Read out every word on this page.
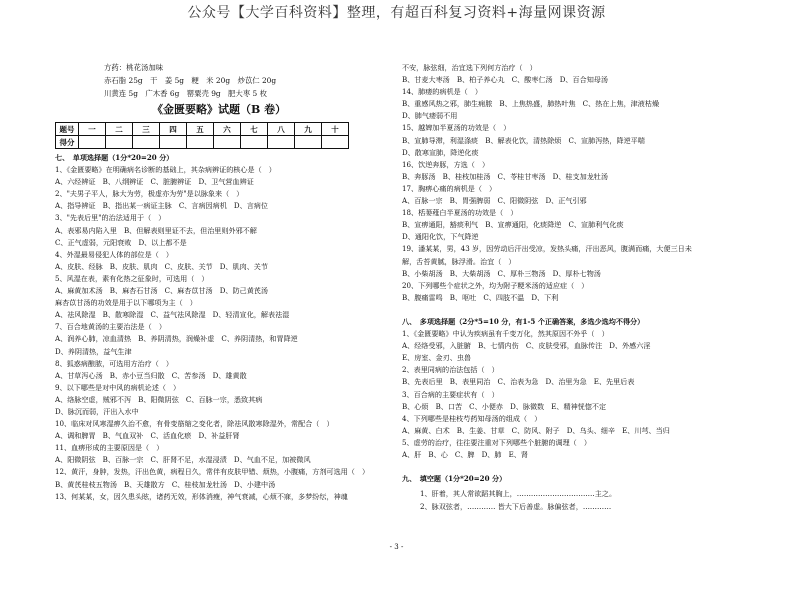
公众号【大学百科资料】整理，有超百科复习资料+海量网课资源
方药：桃花汤加味
赤石脂 25g　干　姜 5g　粳　米 20g　炒苡仁 20g
川黄连 5g　广木香 6g　罂粟壳 9g　肥大枣 5 枚
《金匮要略》试题（B 卷）
题号	一	二	三	四	五	六	七	八	九	十
得分										
七、　单项选择题（1分*20=20 分）
1、《金匮要略》在明确病名诊断的基础上，其杂病辨证的核心是（　）
A、六经辨证　B、八纲辨证　C、脏腑辨证　D、卫气营血辨证
2、"夫男子平人，脉大为劳，极虚亦为劳"是以脉象来（　）
A、指导辨证　B、指出某一病证主脉　C、言病因病机　D、言病位
3、"先表后里"的治法适用于（　）
A、表邪易内陷入里　B、但解表则里证不去，但治里则外邪不解
C、正气虚弱，元阳衰败　D、以上都不是
4、外湿最易侵犯人体的部位是（　）
A、皮肤、经脉　B、皮肤、肌肉　C、皮肤、关节　D、肌肉、关节
5、风湿在表，素有化热之征象时，可选用（　）
A、麻黄加术汤　B、麻杏石甘汤　C、麻杏苡甘汤　D、防己黄芪汤
麻杏苡甘汤的功效是用于以下哪项为主（　）
A、祛风除湿　B、散寒除湿　C、益气祛风除湿　D、轻清宣化，解表祛湿
7、百合地黄汤的主要治法是（　）
A、润养心肺，凉血清热　B、养阴清热，润燥补虚　C、养阴清热，和胃降逆
D、养阴清热，益气生津
8、狐惑病酿脓，可选用方治疗（　）
A、甘草泻心汤　B、赤小豆当归散　C、苦参汤　D、雄黄散
9、以下哪些是对中风的病机论述（　）
A、络脉空虚，贼邪不泻　B、阳微阴弦　C、百脉一宗，悉致其病
D、脉沉而弱，汗出入水中
10、临床对风寒湿痹久治不愈，有骨变筋缩之变化者，除祛风散寒除湿外，常配合（　）
A、调和脾胃　B、气血双补　C、活血化瘀　D、补益肝肾
11、血痹形成的主要原因是（　）
A、阳微阴弦　B、百脉一宗　C、肝肾不足，水湿浸渍　D、气血不足，加被微风
12、黄汗，身肿，发热，汗出色黄，病程日久，常伴有皮肤甲错、烦热，小腹痛，方剂可选用（　）
B、黄芪桂枝五物汤　B、天雄散方　C、桂枝加龙牡汤　D、小建中汤
13、何某某，女，因久患头眩，诸药无效，形体消瘦，神气衰减，心烦不寐，多梦纷纭，神魂
不安，脉弦细，治宜选下列何方治疗（　）
B、甘麦大枣汤　B、柏子养心丸　C、酸枣仁汤　D、百合知母汤
14、肺痿的病机是（　）
B、重感风热之邪，肺生痈脓　B、上焦热盛，肺热叶焦　C、热在上焦，津液枯燥
D、肺气痿弱不用
15、越婢加半夏汤的功效是（　）
B、宣肺导滞，利湿涤痰　B、解表化饮，清热除烦　C、宣肺泻热，降逆平喘
D、散寒宣肺，降逆化痰
16、饮逆奔豚，方选（　）
B、奔豚汤　B、桂枝加桂汤　C、苓桂甘枣汤　D、桂支加龙牡汤
17、胸痹心痛的病机是（　）
A、百脉一宗　B、胃强脾弱　C、阳微阴弦　D、正气引邪
18、栝蒌薤白半夏汤的功效是（　）
B、宣痹通阳，豁痰利气　B、宣痹通阳，化痰降逆　C、宣肺利气化痰
D、通阳化饮，下气降逆
19、潘某某，男，43 岁，因劳动后汗出受凉，发热头痛，汗出恶风，腹满而痛，大便三日未
解，舌苔黄腻，脉浮滑。治宜（　）
B、小柴胡汤　B、大柴胡汤　C、厚朴三物汤　D、厚朴七物汤
20、下列哪些个症状之外，均为附子粳米汤的适应症（　）
B、腹痛雷鸣　B、呕吐　C、四肢不温　D、下利
八、　多项选择题（2分*5=10 分，有1-5 个正确答案，多选少选均不得分）
1、《金匮要略》中认为疾病虽有千变万化，然其原因不外乎（　）
A、经络受邪，入脏腑　B、七情内伤　C、皮肤受邪，血脉传注　D、外感六淫
E、房室、金刃、虫兽
2、表里同病的治法包括（　）
B、先表后里　B、表里同治　C、治表为急　D、治里为急　E、先里后表
3、百合病的主要症状有（　）
B、心烦　B、口苦　C、小便赤　D、脉微数　E、精神恍惚不定
4、下列哪些是桂枝芍药知母汤的组成（　）
A、麻黄、白术　B、生姜、甘草　C、防风、附子　D、乌头、细辛　E、川芎、当归
5、虚劳的治疗，往往要注重对下列哪些个脏腑的调理（　）
A、肝　B、心　C、脾　D、肺　E、肾
九、　填空题（1分*20=20 分）
1、肝着，其人常欲蹈其胸上，……………………………主之。
2、脉双弦者，………… 皆大下后善虚。脉偏弦者，…………
- 3 -
